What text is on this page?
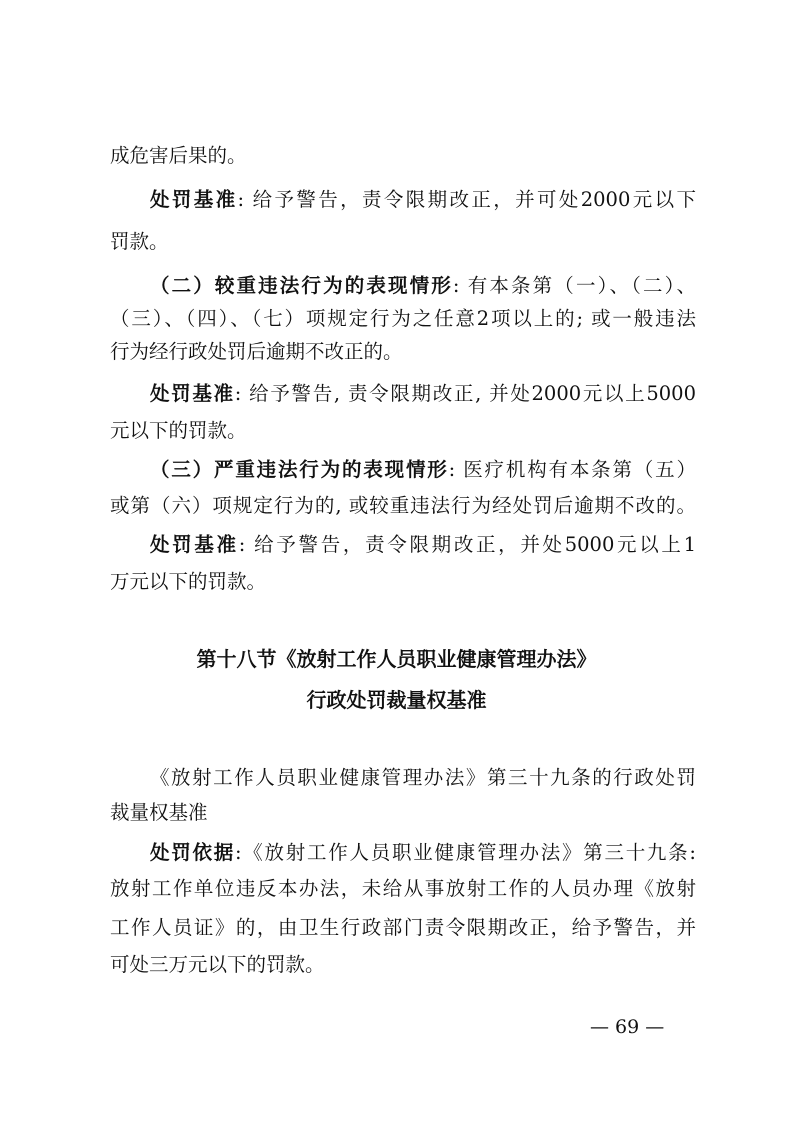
成危害后果的。
处罚基准: 给予警告，责令限期改正，并可处2000元以下
罚款。
（二）较重违法行为的表现情形: 有本条第（一）、（二）、
（三）、（四）、（七）项规定行为之任意2项以上的; 或一般违法
行为经行政处罚后逾期不改正的。
处罚基准: 给予警告, 责令限期改正, 并处2000元以上5000
元以下的罚款。
（三）严重违法行为的表现情形: 医疗机构有本条第（五）
或第（六）项规定行为的, 或较重违法行为经处罚后逾期不改的。
处罚基准: 给予警告，责令限期改正，并处5000元以上1
万元以下的罚款。
第十八节《放射工作人员职业健康管理办法》
行政处罚裁量权基准
《放射工作人员职业健康管理办法》第三十九条的行政处罚
裁量权基准
处罚依据:《放射工作人员职业健康管理办法》第三十九条:
放射工作单位违反本办法，未给从事放射工作的人员办理《放射
工作人员证》的，由卫生行政部门责令限期改正，给予警告，并
可处三万元以下的罚款。
— 69 —
